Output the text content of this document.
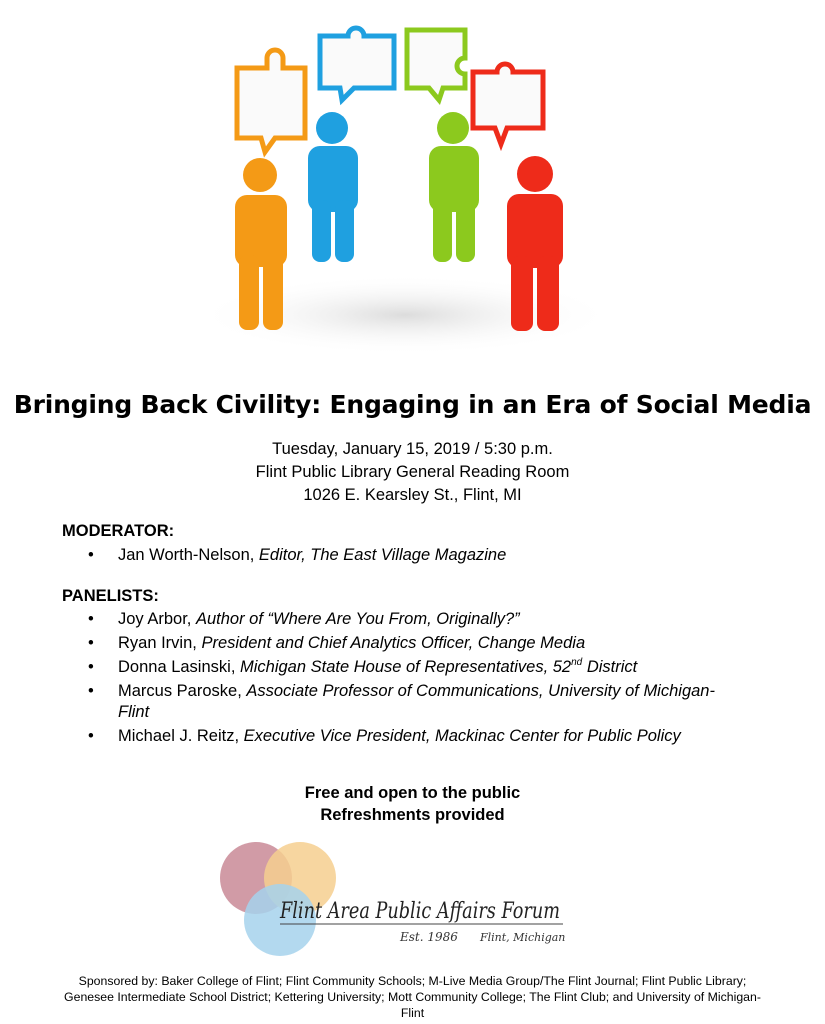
Bringing Back Civility: Engaging in an Era of Social Media
Tuesday, January 15, 2019 / 5:30 p.m.
Flint Public Library General Reading Room
1026 E. Kearsley St., Flint, MI
MODERATOR:
• Jan Worth-Nelson, Editor, The East Village Magazine
PANELISTS:
• Joy Arbor, Author of “Where Are You From, Originally?”
• Ryan Irvin, President and Chief Analytics Officer, Change Media
• Donna Lasinski, Michigan State House of Representatives, 52nd District
• Marcus Paroske, Associate Professor of Communications, University of Michigan-Flint
• Michael J. Reitz, Executive Vice President, Mackinac Center for Public Policy
Free and open to the public
Refreshments provided
Flint Area Public Affairs Forum
Est. 1986 Flint, Michigan
Sponsored by: Baker College of Flint; Flint Community Schools; M-Live Media Group/The Flint Journal; Flint Public Library; Genesee Intermediate School District; Kettering University; Mott Community College; The Flint Club; and University of Michigan-Flint
